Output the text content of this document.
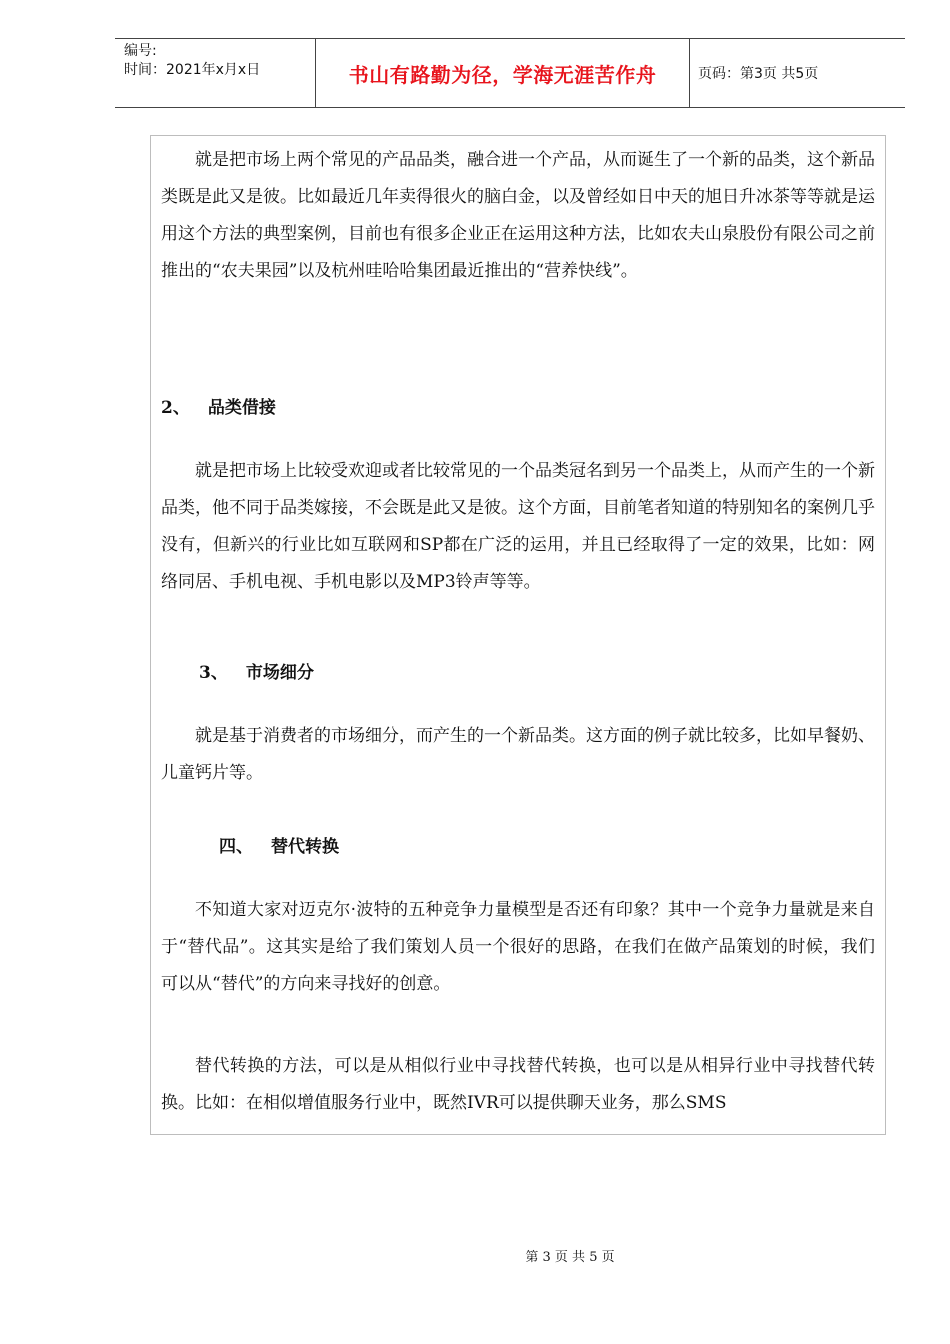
编号:
时间：2021年x月x日	书山有路勤为径，学海无涯苦作舟	页码：第3页 共5页

就是把市场上两个常见的产品品类，融合进一个产品，从而诞生了一个新的品类，这个新品类既是此又是彼。比如最近几年卖得很火的脑白金，以及曾经如日中天的旭日升冰茶等等就是运用这个方法的典型案例，目前也有很多企业正在运用这种方法，比如农夫山泉股份有限公司之前推出的“农夫果园”以及杭州哇哈哈集团最近推出的“营养快线”。

2、 品类借接

就是把市场上比较受欢迎或者比较常见的一个品类冠名到另一个品类上，从而产生的一个新品类，他不同于品类嫁接，不会既是此又是彼。这个方面，目前笔者知道的特别知名的案例几乎没有，但新兴的行业比如互联网和SP都在广泛的运用，并且已经取得了一定的效果，比如：网络同居、手机电视、手机电影以及MP3铃声等等。

3、 市场细分

就是基于消费者的市场细分，而产生的一个新品类。这方面的例子就比较多，比如早餐奶、儿童钙片等。

四、 替代转换

不知道大家对迈克尔·波特的五种竞争力量模型是否还有印象？其中一个竞争力量就是来自于“替代品”。这其实是给了我们策划人员一个很好的思路，在我们在做产品策划的时候，我们可以从“替代”的方向来寻找好的创意。

替代转换的方法，可以是从相似行业中寻找替代转换，也可以是从相异行业中寻找替代转换。比如：在相似增值服务行业中，既然IVR可以提供聊天业务，那么SMS

第 3 页 共 5 页
